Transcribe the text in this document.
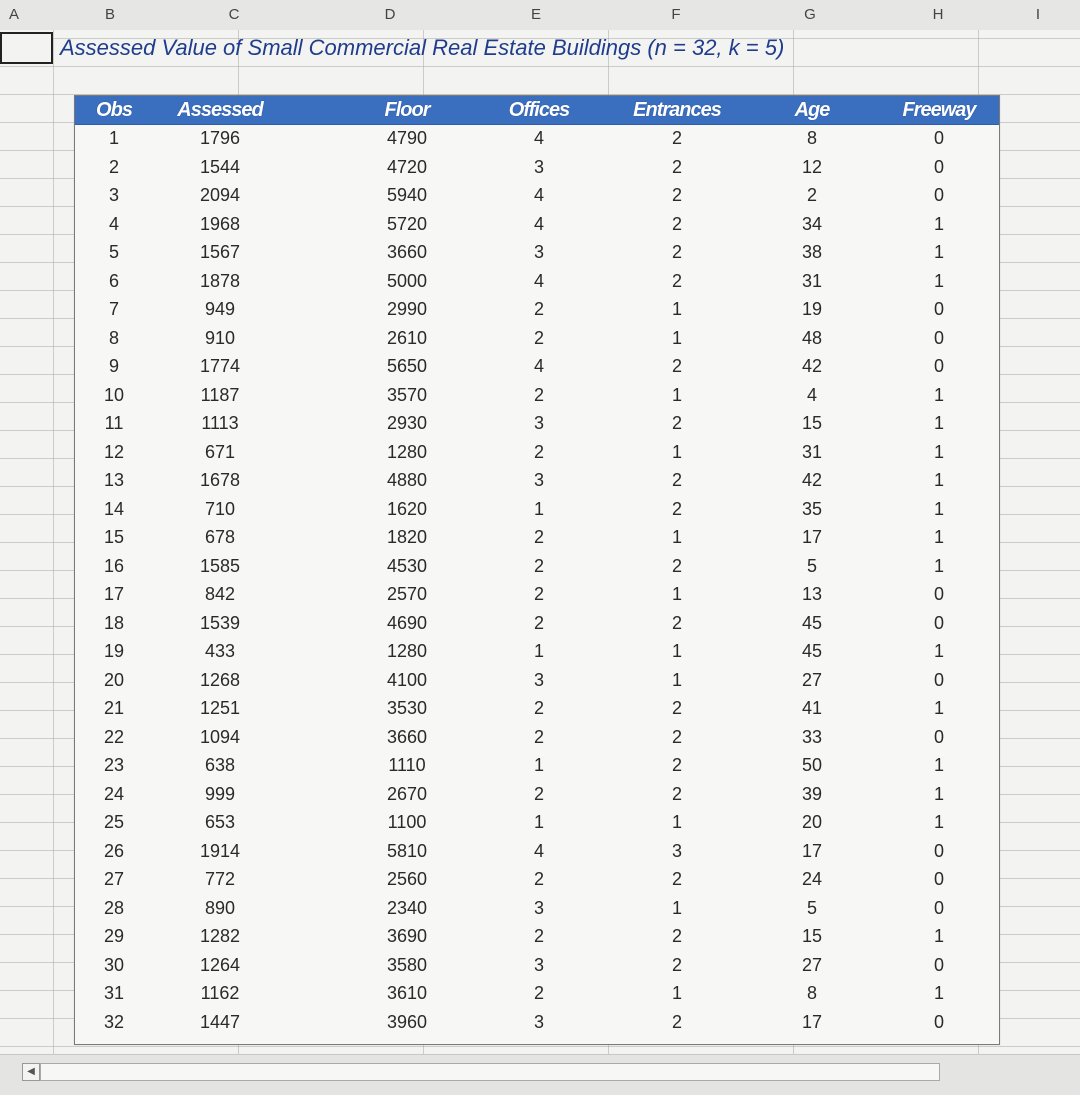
A	B	C	D	E	F	G	H	I
Assessed Value of Small Commercial Real Estate Buildings (n = 32, k = 5)
Obs	Assessed	Floor	Offices	Entrances	Age	Freeway
1	1796	4790	4	2	8	0
2	1544	4720	3	2	12	0
3	2094	5940	4	2	2	0
4	1968	5720	4	2	34	1
5	1567	3660	3	2	38	1
6	1878	5000	4	2	31	1
7	949	2990	2	1	19	0
8	910	2610	2	1	48	0
9	1774	5650	4	2	42	0
10	1187	3570	2	1	4	1
11	1113	2930	3	2	15	1
12	671	1280	2	1	31	1
13	1678	4880	3	2	42	1
14	710	1620	1	2	35	1
15	678	1820	2	1	17	1
16	1585	4530	2	2	5	1
17	842	2570	2	1	13	0
18	1539	4690	2	2	45	0
19	433	1280	1	1	45	1
20	1268	4100	3	1	27	0
21	1251	3530	2	2	41	1
22	1094	3660	2	2	33	0
23	638	1110	1	2	50	1
24	999	2670	2	2	39	1
25	653	1100	1	1	20	1
26	1914	5810	4	3	17	0
27	772	2560	2	2	24	0
28	890	2340	3	1	5	0
29	1282	3690	2	2	15	1
30	1264	3580	3	2	27	0
31	1162	3610	2	1	8	1
32	1447	3960	3	2	17	0
◀
